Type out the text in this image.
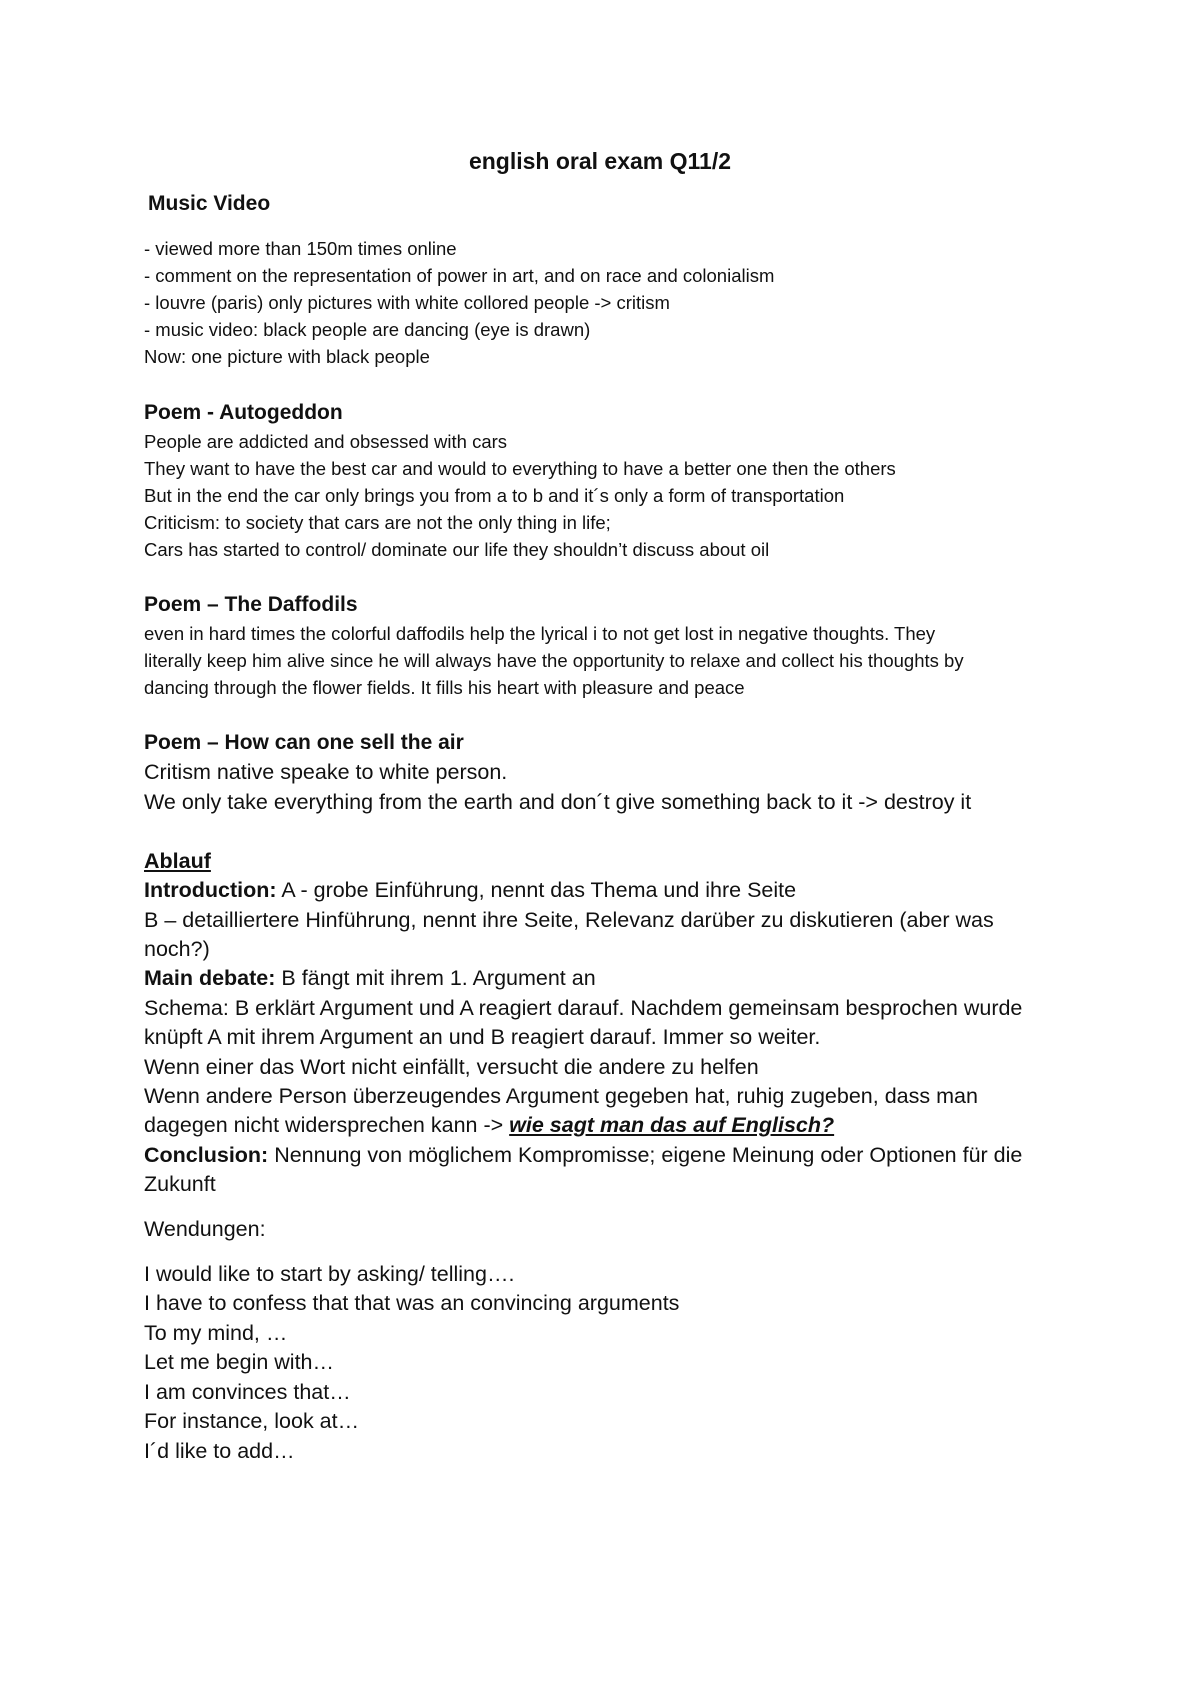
english oral exam Q11/2
Music Video
- viewed more than 150m times online
- comment on the representation of power in art, and on race and colonialism
- louvre (paris) only pictures with white collored people -> critism
- music video: black people are dancing (eye is drawn)
Now: one picture with black people
Poem - Autogeddon
People are addicted and obsessed with cars
They want to have the best car and would to everything to have a better one then the others
But in the end the car only brings you from a to b and it´s only a form of transportation
Criticism: to society that cars are not the only thing in life;
Cars has started to control/ dominate our life they shouldn’t discuss about oil
Poem – The Daffodils
even in hard times the colorful daffodils help the lyrical i to not get lost in negative thoughts. They
literally keep him alive since he will always have the opportunity to relaxe and collect his thoughts by
dancing through the flower fields. It fills his heart with pleasure and peace
Poem – How can one sell the air
Critism native speake to white person.
We only take everything from the earth and don´t give something back to it -> destroy it
Ablauf
Introduction: A - grobe Einführung, nennt das Thema und ihre Seite
B – detailliertere Hinführung, nennt ihre Seite, Relevanz darüber zu diskutieren (aber was
noch?)
Main debate: B fängt mit ihrem 1. Argument an
Schema: B erklärt Argument und A reagiert darauf. Nachdem gemeinsam besprochen wurde
knüpft A mit ihrem Argument an und B reagiert darauf. Immer so weiter.
Wenn einer das Wort nicht einfällt, versucht die andere zu helfen
Wenn andere Person überzeugendes Argument gegeben hat, ruhig zugeben, dass man
dagegen nicht widersprechen kann -> wie sagt man das auf Englisch?
Conclusion: Nennung von möglichem Kompromisse; eigene Meinung oder Optionen für die
Zukunft
Wendungen:
I would like to start by asking/ telling….
I have to confess that that was an convincing arguments
To my mind, …
Let me begin with…
I am convinces that…
For instance, look at…
I´d like to add…
